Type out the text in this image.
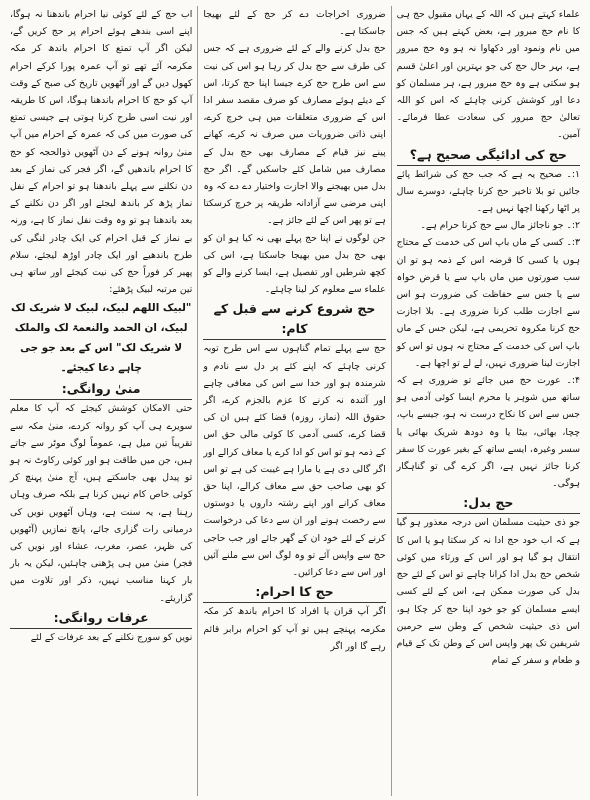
علماء کہتے ہیں کہ اللہ کے یہاں مقبول حج ہی کا نام حج مبرور ہے، بعض کہتے ہیں کہ جس میں نام ونمود اور دکھاوا نہ ہو وہ حج مبرور ہے، بہر حال حج کی جو بہترین اور اعلیٰ قسم ہو سکتی ہے وہ حج مبرور ہے، ہر مسلمان کو دعا اور کوشش کرنی چاہئے کہ اس کو اللہ تعالیٰ حج مبرور کی سعادت عطا فرمائے۔ آمین۔

حج کی ادائیگی صحیح ہے؟

۱:۔ صحیح یہ ہے کہ جب حج کی شرائط پائے جائیں تو بلا تاخیر حج کرنا چاہئے، دوسرے سال پر اٹھا رکھنا اچھا نہیں ہے۔

۲:۔ جو ناجائز مال سے حج کرنا حرام ہے۔

۳:۔ کسی کے ماں باپ اس کی خدمت کے محتاج ہوں یا کسی کا قرضہ اس کے ذمہ ہو تو ان سب صورتوں میں ماں باپ سے یا قرض خواہ سے یا جس سے حفاظت کی ضرورت ہو اس سے اجازت طلب کرنا ضروری ہے۔ بلا اجازت حج کرنا مکروہ تحریمی ہے، لیکن جس کے ماں باپ اس کی خدمت کے محتاج نہ ہوں تو اس کو اجازت لینا ضروری نہیں، لے لے تو اچھا ہے۔

۴:۔ عورت حج میں جائے تو ضروری ہے کہ ساتھ میں شوہر یا محرم ایسا کوئی آدمی ہو جس سے اس کا نکاح درست نہ ہو، جیسے باپ، چچا، بھائی، بیٹا یا وہ دودھ شریک بھائی یا سسر وغیرہ، ایسے ساتھ کے بغیر عورت کا سفر کرنا جائز نہیں ہے، اگر کرے گی تو گناہگار ہوگی۔

حج بدل:

جو ذی حیثیت مسلمان اس درجہ معذور ہو گیا ہے کہ اب خود حج ادا نہ کر سکتا ہو یا اس کا انتقال ہو گیا ہو اور اس کے ورثاء میں کوئی شخص حج بدل ادا کرانا چاہے تو اس کے لئے حج بدل کی صورت ممکن ہے، اس کے لئے کسی ایسے مسلمان کو جو خود اپنا حج کر چکا ہو، اس ذی حیثیت شخص کے وطن سے حرمین شریفین تک پھر واپس اس کے وطن تک کے قیام و طعام و سفر کے تمام

ضروری اخراجات دے کر حج کے لئے بھیجا جاسکتا ہے۔

حج بدل کرنے والے کے لئے ضروری ہے کہ جس کی طرف سے حج بدل کر رہا ہو اس کی نیت سے اس طرح حج کرے جیسا اپنا حج کرتا، اس کے دیئے ہوئے مصارف کو صرف مقصد سفر ادا اس کے ضروری متعلقات میں ہی خرچ کرے، اپنی ذاتی ضروریات میں صرف نہ کرے، کھانے پینے نیز قیام کے مصارف بھی حج بدل کے مصارف میں شامل کئے جاسکیں گے۔ اگر حج بدل میں بھیجنے والا اجازت واختیار دے دے کہ وہ اپنی مرضی سے آزادانہ طریقہ پر خرچ کرسکتا ہے تو پھر اس کے لئے جائز ہے۔

جن لوگوں نے اپنا حج پہلے بھی نہ کیا ہو ان کو بھی حج بدل میں بھیجا جاسکتا ہے، اس کی کچھ شرطیں اور تفصیل ہے، ایسا کرنے والے کو علماء سے معلوم کر لینا چاہئے۔

حج شروع کرنے سے قبل کے کام:

حج سے پہلے تمام گناہوں سے اس طرح توبہ کرنی چاہئے کہ اپنے کئے پر دل سے نادم و شرمندہ ہو اور خدا سے اس کی معافی چاہے اور آئندہ نہ کرنے کا عزم بالجزم کرے، اگر حقوق اللہ (نماز، روزہ) قضا کئے ہیں ان کی قضا کرے، کسی آدمی کا کوئی مالی حق اس کے ذمہ ہو تو اس کو ادا کرے یا معاف کرالے اور اگر گالی دی ہے یا مارا ہے غیبت کی ہے تو اس کو بھی صاحب حق سے معاف کرالے، اپنا حق معاف کرانے اور اپنے رشتہ داروں یا دوستوں سے رخصت ہونے اور ان سے دعا کی درخواست کرنے کے لئے خود ان کے گھر جائے اور جب حاجی حج سے واپس آئے تو وہ لوگ اس سے ملنے آئیں اور اس سے دعا کرائیں۔

حج کا احرام:

اگر آپ قران یا افراد کا احرام باندھ کر مکہ مکرمہ پہنچے ہیں تو آپ کو احرام برابر قائم رہے گا اور اگر

اب حج کے لئے کوئی نیا احرام باندھنا نہ ہوگا، اپنے اسی بندھے ہوئے احرام پر حج کریں گے، لیکن اگر آپ تمتع کا احرام باندھ کر مکہ مکرمہ آئے تھے تو آپ عمرہ پورا کرکے احرام کھول دیں گے اور آٹھویں تاریخ کی صبح کے وقت آپ کو حج کا احرام باندھنا ہوگا، اس کا طریقہ اور نیت اسی طرح کرنا ہوتی ہے جیسی تمتع کی صورت میں کی کہ عمرہ کے احرام میں آپ منیٰ روانہ ہونے کے دن آٹھویں ذوالحجہ کو حج کا احرام باندھیں گے، اگر فجر کی نماز کے بعد دن نکلنے سے پہلے باندھنا ہو تو احرام کے نفل نماز پڑھ کر باندھ لیجئے اور اگر دن نکلنے کے بعد باندھنا ہو تو وہ وقت نفل نماز کا ہے، ورنہ بے نماز کے قبل احرام کی ایک چادر لنگی کی طرح باندھیے اور ایک چادر اوڑھ لیجئے، سلام پھیر کر فوراً حج کی نیت کیجئے اور ساتھ ہی تین مرتبہ لبیک پڑھئے:

"لبیک اللھم لبیک، لبیک لا شریک لک لبیک، ان الحمد والنعمۃ لک والملک لا شریک لک" اس کے بعد جو جی چاہے دعا کیجئے۔

منیٰ روانگی:

حتی الامکان کوشش کیجئے کہ آپ کا معلم سویرے ہی آپ کو روانہ کردے، منیٰ مکہ سے تقریباً تین میل ہے، عموماً لوگ موٹر سے جاتے ہیں، جن میں طاقت ہو اور کوئی رکاوٹ نہ ہو تو پیدل بھی جاسکتے ہیں، آج منیٰ پہنچ کر کوئی خاص کام نہیں کرنا ہے بلکہ صرف وہاں رہنا ہے، یہ سنت ہے، وہاں آٹھویں نویں کی درمیانی رات گزاری جائے، پانچ نمازیں (آٹھویں کی ظہر، عصر، مغرب، عشاء اور نویں کی فجر) منیٰ میں ہی پڑھنی چاہئیں، لیکن یہ بار بار کہنا مناسب نہیں، ذکر اور تلاوت میں گزاریئے۔

عرفات روانگی:

نویں کو سورج نکلنے کے بعد عرفات کے لئے
